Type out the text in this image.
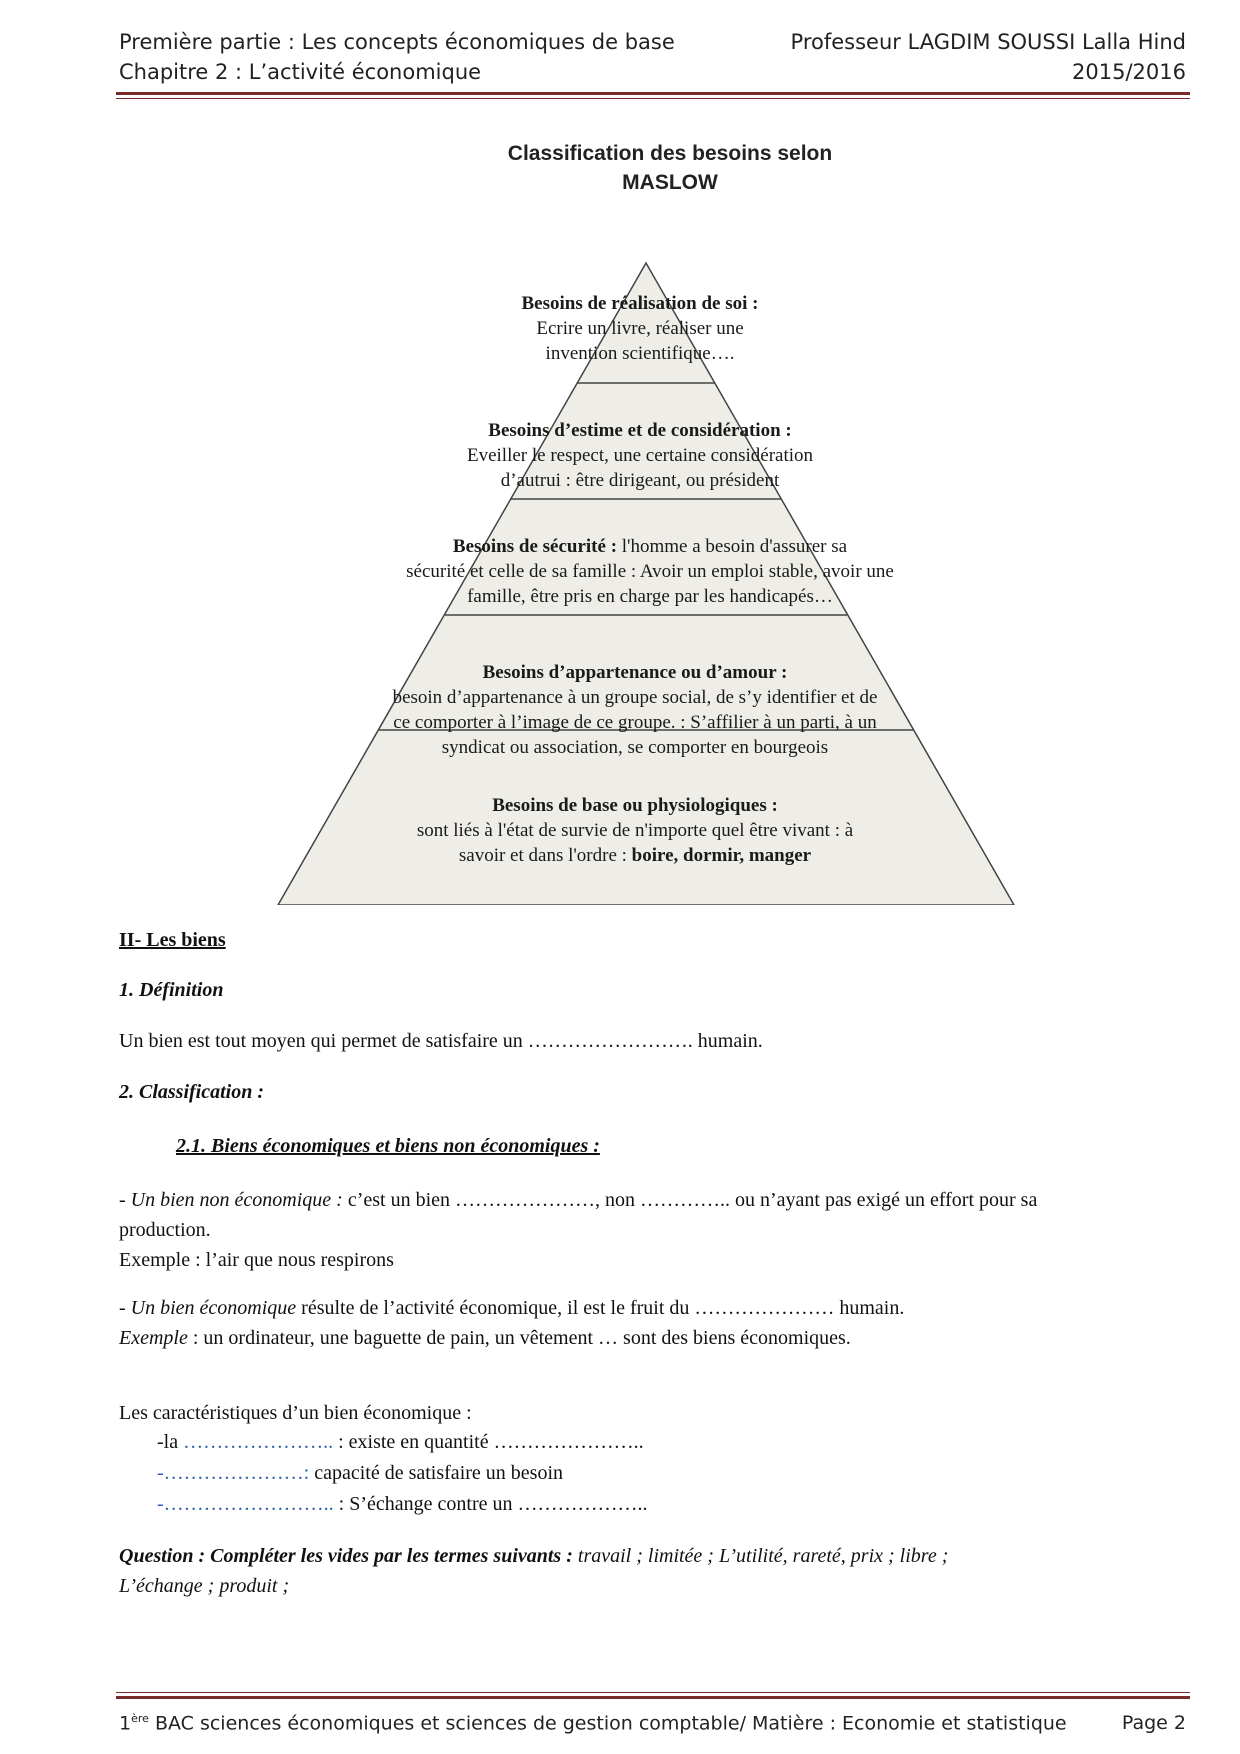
Première partie : Les concepts économiques de base	Professeur LAGDIM SOUSSI Lalla Hind
Chapitre 2 : L’activité économique	2015/2016
Classification des besoins selon
MASLOW
Besoins de réalisation de soi :
Ecrire un livre, réaliser une
invention scientifique….
Besoins d’estime et de considération :
Eveiller le respect, une certaine considération
d’autrui : être dirigeant, ou président
Besoins de sécurité : l'homme a besoin d'assurer sa
sécurité et celle de sa famille : Avoir un emploi stable, avoir une
famille, être pris en charge par les handicapés…
Besoins d’appartenance ou d’amour :
besoin d’appartenance à un groupe social, de s’y identifier et de
ce comporter à l’image de ce groupe. : S’affilier à un parti, à un
syndicat ou association, se comporter en bourgeois
Besoins de base ou physiologiques :
sont liés à l'état de survie de n'importe quel être vivant : à
savoir et dans l'ordre : boire, dormir, manger
II- Les biens
1. Définition
Un bien est tout moyen qui permet de satisfaire un ……………………. humain.
2. Classification :
2.1. Biens économiques et biens non économiques :
- Un bien non économique : c’est un bien …………………, non ………….. ou n’ayant pas exigé un effort pour sa
production.
Exemple : l’air que nous respirons
- Un bien économique résulte de l’activité économique, il est le fruit du ………………… humain.
Exemple : un ordinateur, une baguette de pain, un vêtement … sont des biens économiques.
Les caractéristiques d’un bien économique :
-la ………………….. : existe en quantité …………………..
-…………………: capacité de satisfaire un besoin
-…………………….. : S’échange contre un ………………..
Question : Compléter les vides par les termes suivants : travail ; limitée ; L’utilité, rareté, prix ; libre ;
L’échange ; produit ;
1ère BAC sciences économiques et sciences de gestion comptable/ Matière : Economie et statistique	Page 2
